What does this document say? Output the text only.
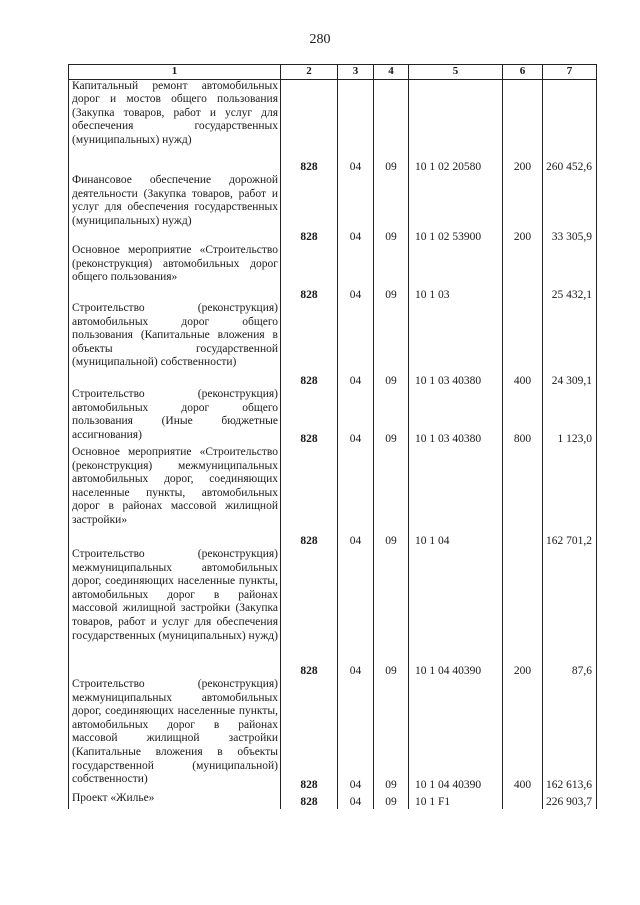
280
1	2	3	4	5	6	7
Капитальный ремонт автомобильных дорог и мостов общего пользования (Закупка товаров, работ и услуг для обеспечения государственных (муниципальных) нужд)	828	04	09	10 1 02 20580	200	260 452,6
Финансовое обеспечение дорожной деятельности (Закупка товаров, работ и услуг для обеспечения государственных (муниципальных) нужд)	828	04	09	10 1 02 53900	200	33 305,9
Основное мероприятие «Строительство (реконструкция) автомобильных дорог общего пользования»	828	04	09	10 1 03		25 432,1
Строительство (реконструкция) автомобильных дорог общего пользования (Капитальные вложения в объекты государственной (муниципальной) собственности)	828	04	09	10 1 03 40380	400	24 309,1
Строительство (реконструкция) автомобильных дорог общего пользования (Иные бюджетные ассигнования)	828	04	09	10 1 03 40380	800	1 123,0
Основное мероприятие «Строительство (реконструкция) межмуниципальных автомобильных дорог, соединяющих населенные пункты, автомобильных дорог в районах массовой жилищной застройки»	828	04	09	10 1 04		162 701,2
Строительство (реконструкция) межмуниципальных автомобильных дорог, соединяющих населенные пункты, автомобильных дорог в районах массовой жилищной застройки (Закупка товаров, работ и услуг для обеспечения государственных (муниципальных) нужд)	828	04	09	10 1 04 40390	200	87,6
Строительство (реконструкция) межмуниципальных автомобильных дорог, соединяющих населенные пункты, автомобильных дорог в районах массовой жилищной застройки (Капитальные вложения в объекты государственной (муниципальной) собственности)	828	04	09	10 1 04 40390	400	162 613,6
Проект «Жилье»	828	04	09	10 1 F1		226 903,7
